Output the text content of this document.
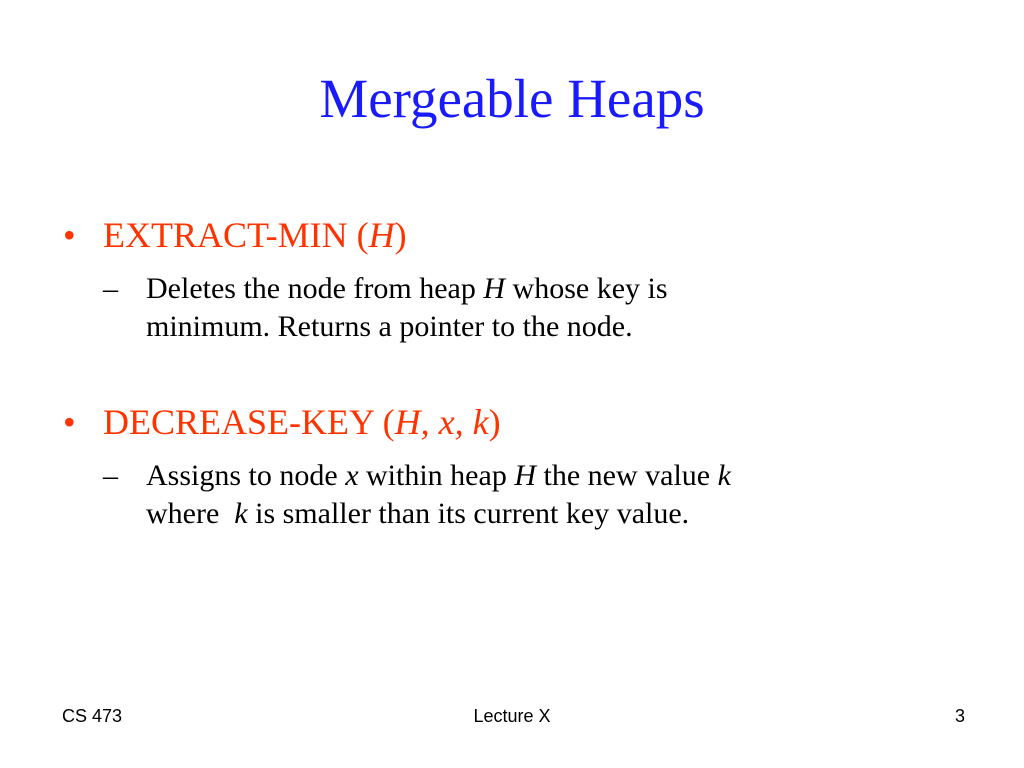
Mergeable Heaps
• EXTRACT-MIN (H)
– Deletes the node from heap H whose key is
minimum. Returns a pointer to the node.
• DECREASE-KEY (H, x, k)
– Assigns to node x within heap H the new value k
where  k is smaller than its current key value.
CS 473	Lecture X	3
